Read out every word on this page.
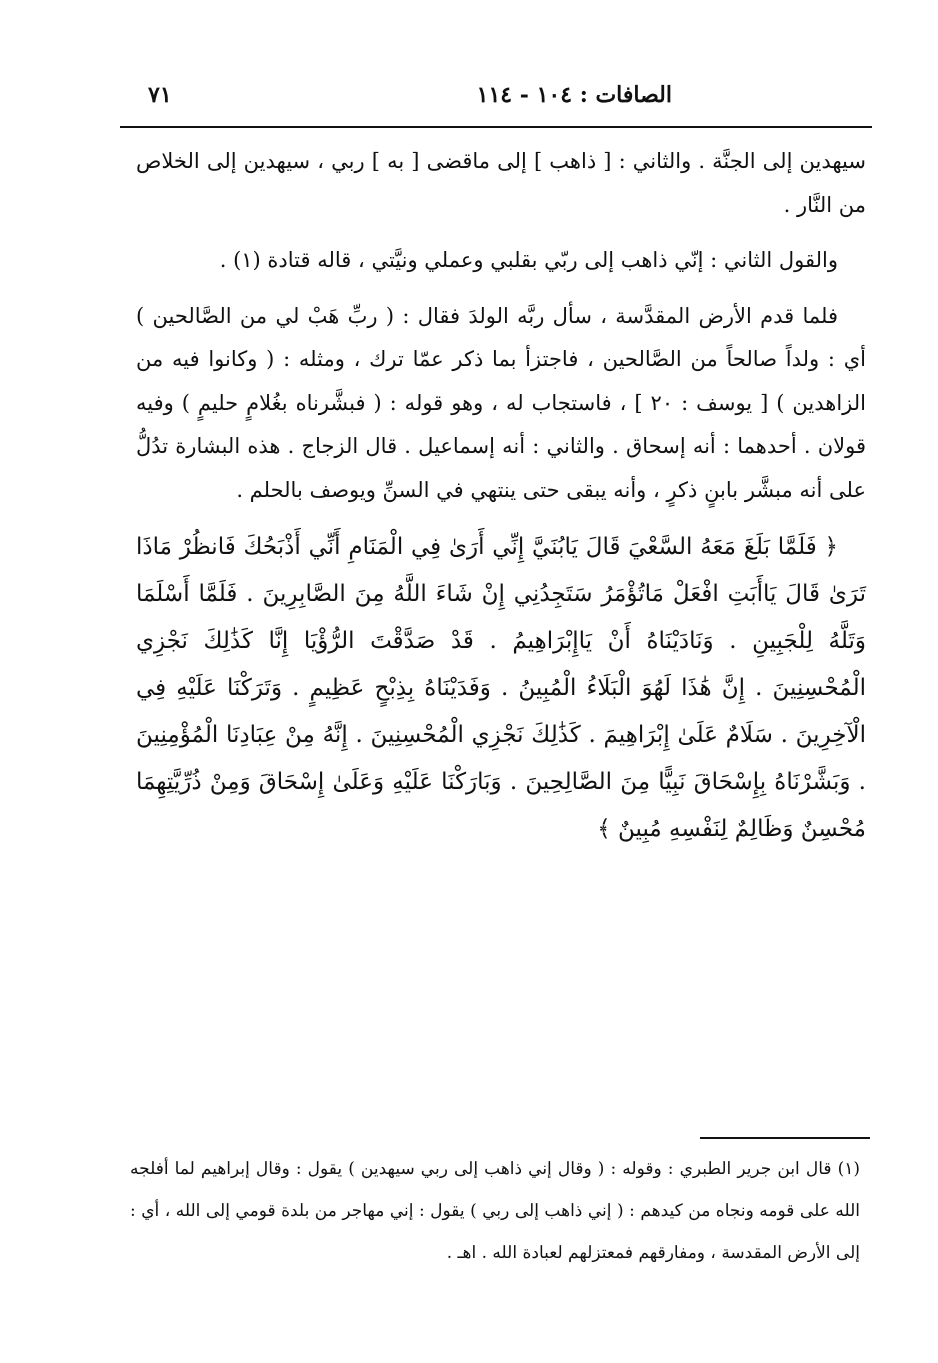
الصافات : ١٠٤ - ١١٤
٧١

سيهدين إلى الجنَّة . والثاني : [ ذاهب ] إلى ماقضى [ به ] ربي ، سيهدين إلى الخلاص من النَّار .

والقول الثاني : إنّي ذاهب إلى ربّي بقلبي وعملي ونيَّتي ، قاله قتادة (١) .

فلما قدم الأرض المقدَّسة ، سأل ربَّه الولدَ فقال : ( ربِّ هَبْ لي من الصَّالحين ) أي : ولداً صالحاً من الصَّالحين ، فاجتزأ بما ذكر عمّا ترك ، ومثله : ( وكانوا فيه من الزاهدين ) [ يوسف : ٢٠ ] ، فاستجاب له ، وهو قوله : ( فبشَّرناه بغُلامٍ حليمٍ ) وفيه قولان . أحدهما : أنه إسحاق . والثاني : أنه إسماعيل . قال الزجاج . هذه البشارة تدُلُّ على أنه مبشَّر بابنٍ ذكرٍ ، وأنه يبقى حتى ينتهي في السنِّ ويوصف بالحلم .

﴿ فَلَمَّا بَلَغَ مَعَهُ السَّعْيَ قَالَ يَابُنَيَّ إِنِّي أَرَىٰ فِي الْمَنَامِ أَنِّي أَذْبَحُكَ فَانظُرْ مَاذَا تَرَىٰ قَالَ يَاأَبَتِ افْعَلْ مَاتُؤْمَرُ سَتَجِدُنِي إِنْ شَاءَ اللَّهُ مِنَ الصَّابِرِينَ . فَلَمَّا أَسْلَمَا وَتَلَّهُ لِلْجَبِينِ . وَنَادَيْنَاهُ أَنْ يَاإِبْرَاهِيمُ . قَدْ صَدَّقْتَ الرُّؤْيَا إِنَّا كَذَٰلِكَ نَجْزِي الْمُحْسِنِينَ . إِنَّ هَٰذَا لَهُوَ الْبَلَاءُ الْمُبِينُ . وَفَدَيْنَاهُ بِذِبْحٍ عَظِيمٍ . وَتَرَكْنَا عَلَيْهِ فِي الْآخِرِينَ . سَلَامٌ عَلَىٰ إِبْرَاهِيمَ . كَذَٰلِكَ نَجْزِي الْمُحْسِنِينَ . إِنَّهُ مِنْ عِبَادِنَا الْمُؤْمِنِينَ . وَبَشَّرْنَاهُ بِإِسْحَاقَ نَبِيًّا مِنَ الصَّالِحِينَ . وَبَارَكْنَا عَلَيْهِ وَعَلَىٰ إِسْحَاقَ وَمِنْ ذُرِّيَّتِهِمَا مُحْسِنٌ وَظَالِمٌ لِنَفْسِهِ مُبِينٌ ﴾

(١) قال ابن جرير الطبري : وقوله : ( وقال إني ذاهب إلى ربي سيهدين ) يقول : وقال إبراهيم لما أفلجه الله على قومه ونجاه من كيدهم : ( إني ذاهب إلى ربي ) يقول : إني مهاجر من بلدة قومي إلى الله ، أي : إلى الأرض المقدسة ، ومفارقهم فمعتزلهم لعبادة الله . اهـ .
